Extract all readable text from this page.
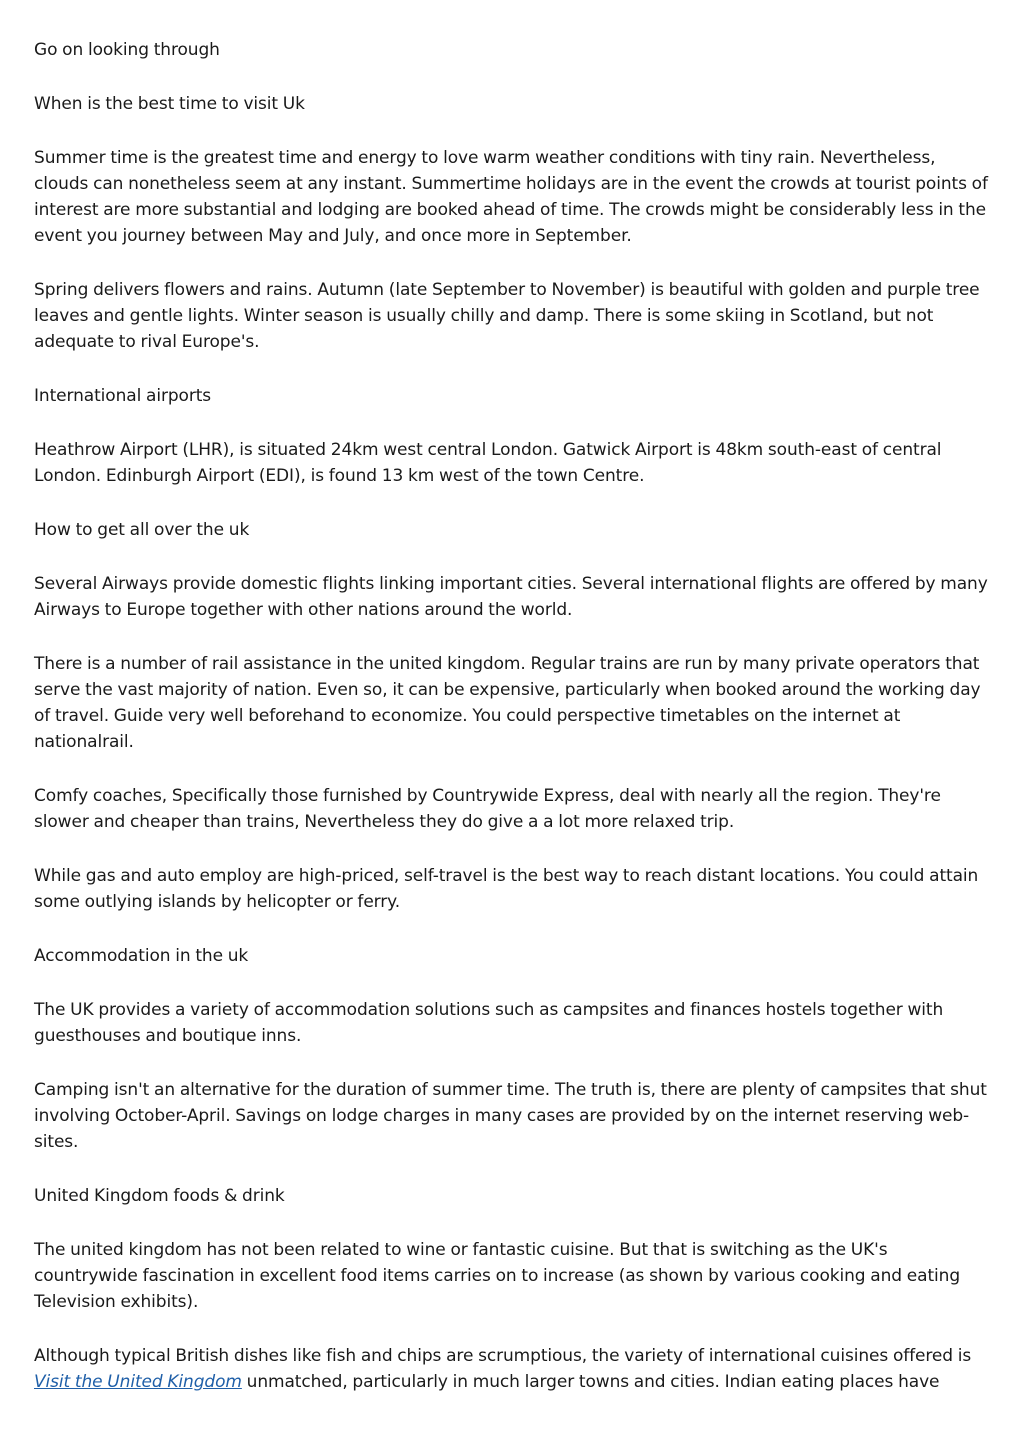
Go on looking through

When is the best time to visit Uk

Summer time is the greatest time and energy to love warm weather conditions with tiny rain. Nevertheless, clouds can nonetheless seem at any instant. Summertime holidays are in the event the crowds at tourist points of interest are more substantial and lodging are booked ahead of time. The crowds might be considerably less in the event you journey between May and July, and once more in September.

Spring delivers flowers and rains. Autumn (late September to November) is beautiful with golden and purple tree leaves and gentle lights. Winter season is usually chilly and damp. There is some skiing in Scotland, but not adequate to rival Europe's.

International airports

Heathrow Airport (LHR), is situated 24km west central London. Gatwick Airport is 48km south-east of central London. Edinburgh Airport (EDI), is found 13 km west of the town Centre.

How to get all over the uk

Several Airways provide domestic flights linking important cities. Several international flights are offered by many Airways to Europe together with other nations around the world.

There is a number of rail assistance in the united kingdom. Regular trains are run by many private operators that serve the vast majority of nation. Even so, it can be expensive, particularly when booked around the working day of travel. Guide very well beforehand to economize. You could perspective timetables on the internet at nationalrail.

Comfy coaches, Specifically those furnished by Countrywide Express, deal with nearly all the region. They're slower and cheaper than trains, Nevertheless they do give a a lot more relaxed trip.

While gas and auto employ are high-priced, self-travel is the best way to reach distant locations. You could attain some outlying islands by helicopter or ferry.

Accommodation in the uk

The UK provides a variety of accommodation solutions such as campsites and finances hostels together with guesthouses and boutique inns.

Camping isn't an alternative for the duration of summer time. The truth is, there are plenty of campsites that shut involving October-April. Savings on lodge charges in many cases are provided by on the internet reserving web-sites.

United Kingdom foods & drink

The united kingdom has not been related to wine or fantastic cuisine. But that is switching as the UK's countrywide fascination in excellent food items carries on to increase (as shown by various cooking and eating Television exhibits).

Although typical British dishes like fish and chips are scrumptious, the variety of international cuisines offered is Visit the United Kingdom unmatched, particularly in much larger towns and cities. Indian eating places have
